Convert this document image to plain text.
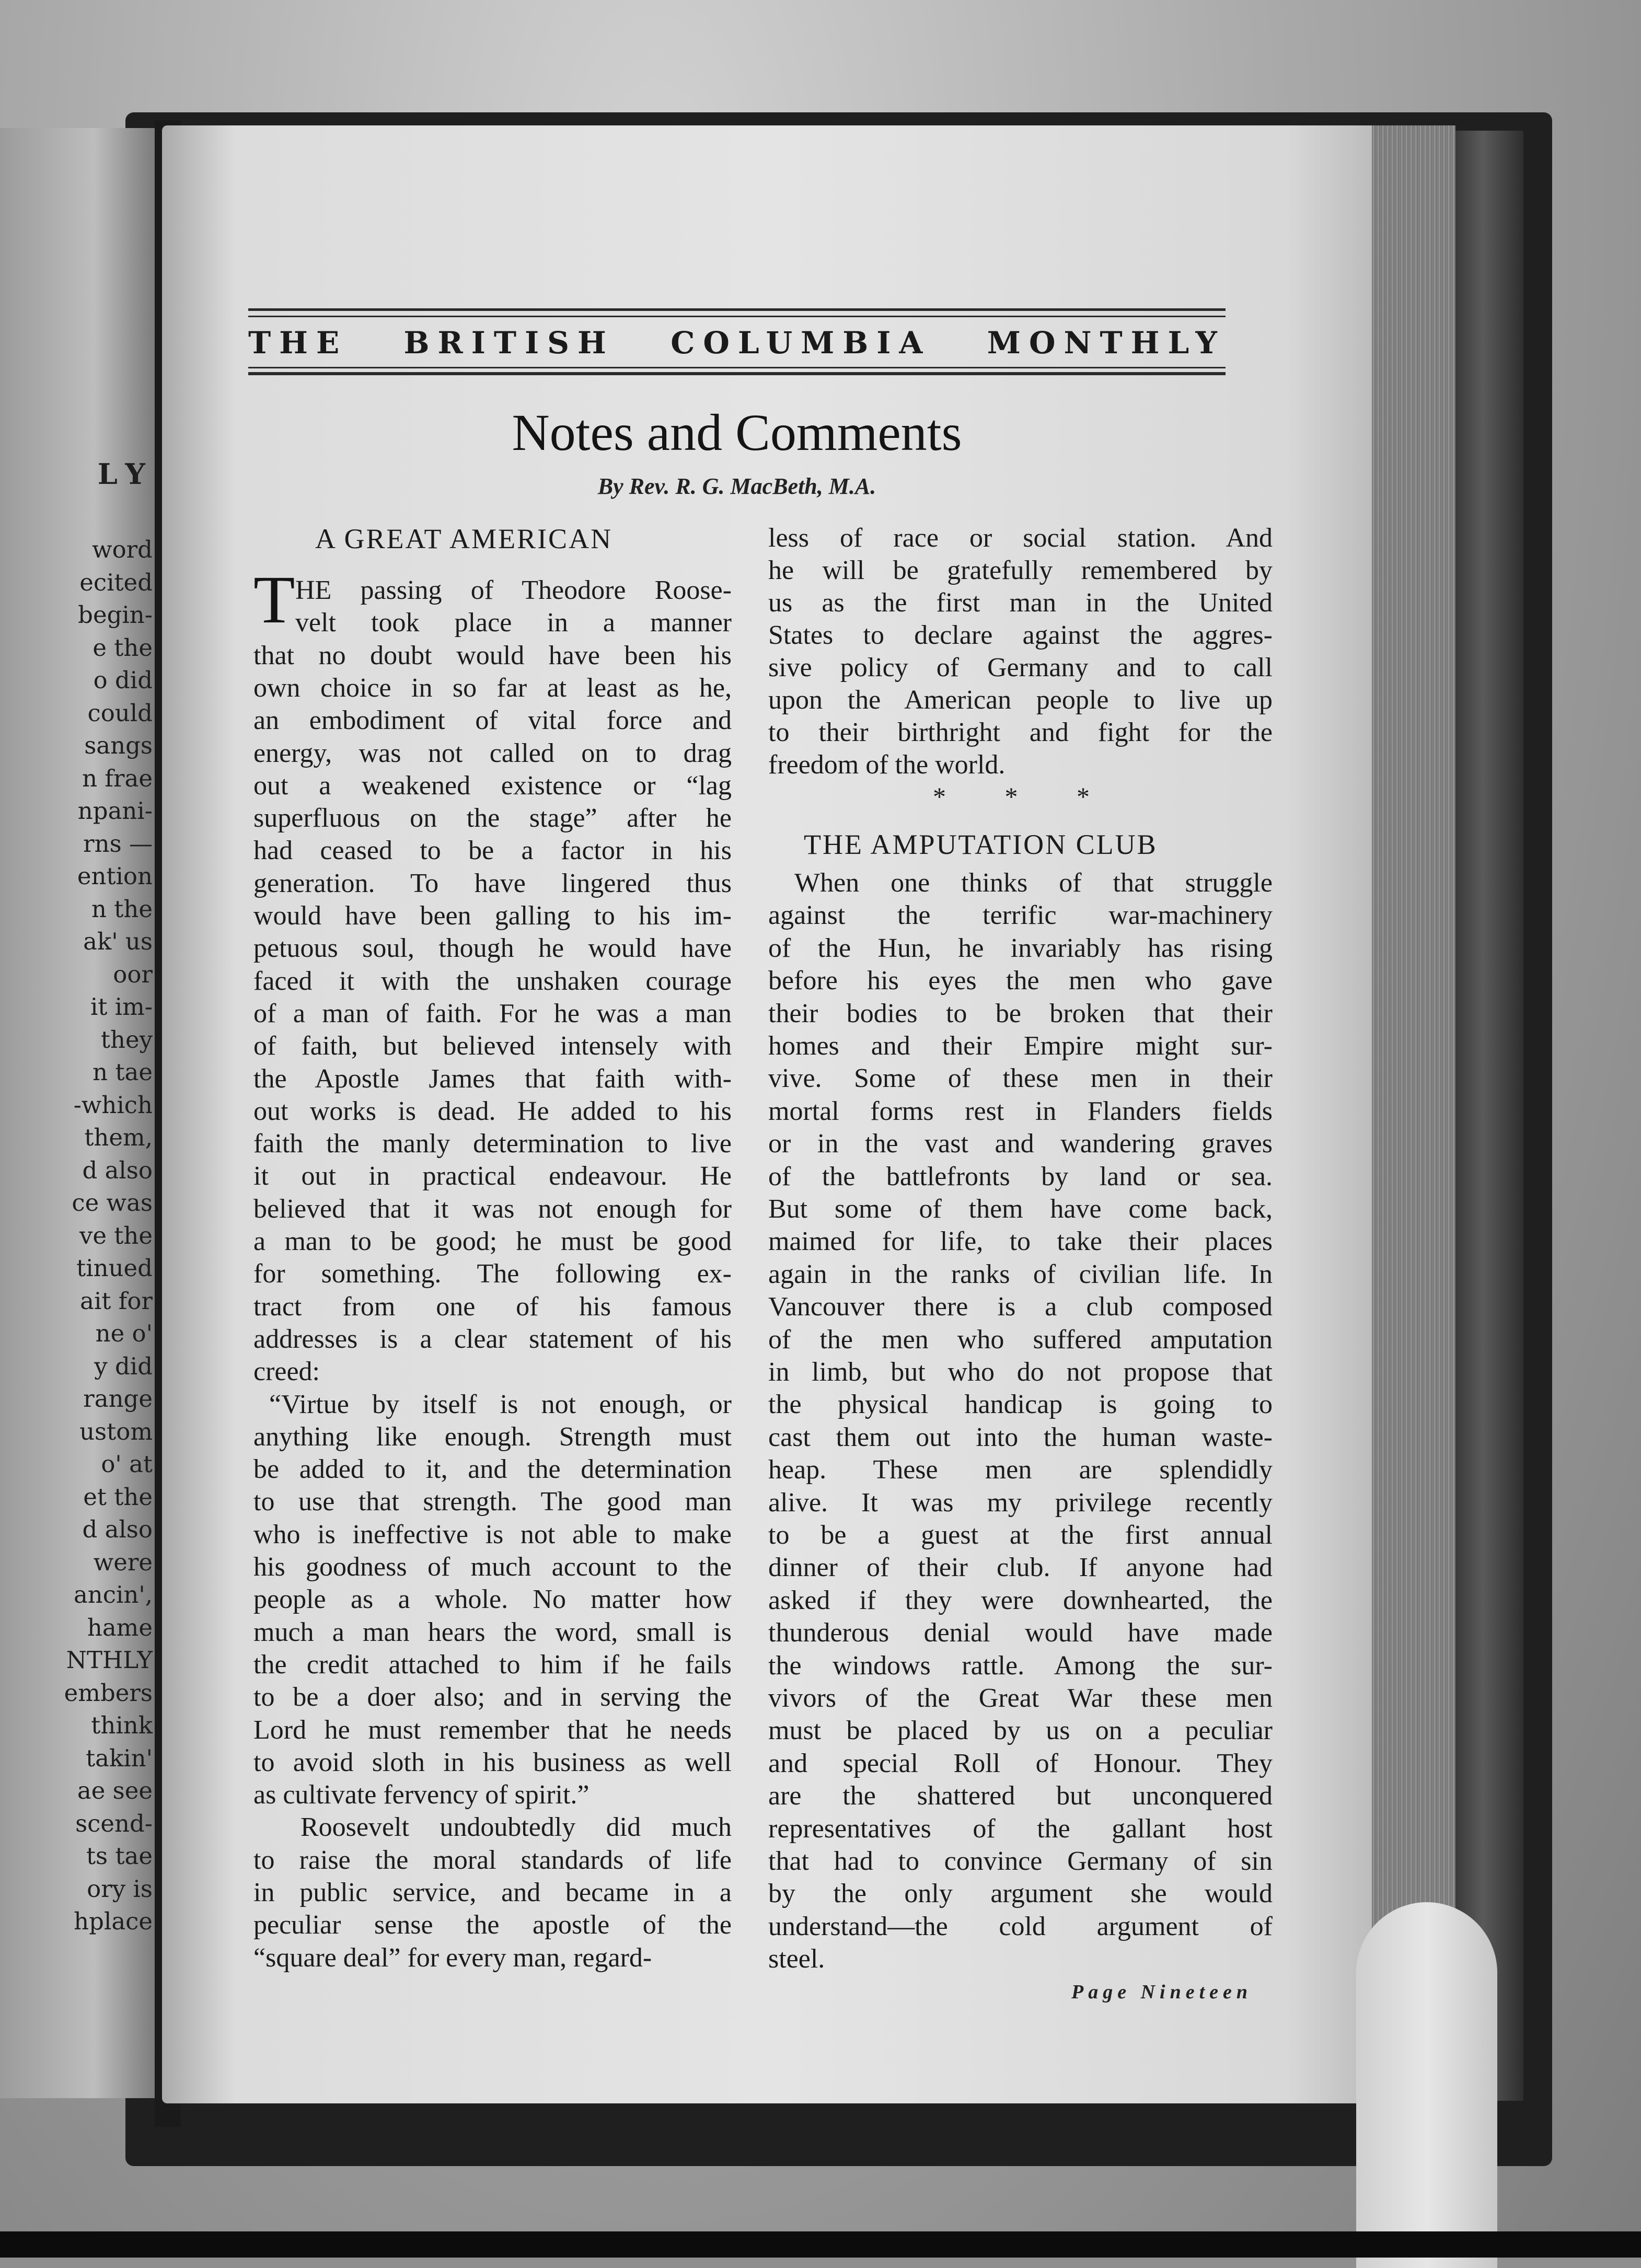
LY
word
ecited
begin-
e the
o did
could
sangs
n frae
npani-
rns —
ention
n the
ak' us
oor
it im-
they
n tae
-which
them,
d also
ce was
ve the
tinued
ait for
ne o'
y did
range
ustom
o' at
et the
d also
were
ancin',
hame
NTHLY
embers
think
takin'
ae see
scend-
ts tae
ory is
hplace
THE BRITISH COLUMBIA MONTHLY
Notes and Comments
By Rev. R. G. MacBeth, M.A.
A GREAT AMERICAN
T HE passing of Theodore Roose-
velt took place in a manner
that no doubt would have been his
own choice in so far at least as he,
an embodiment of vital force and
energy, was not called on to drag
out a weakened existence or “lag
superfluous on the stage” after he
had ceased to be a factor in his
generation. To have lingered thus
would have been galling to his im-
petuous soul, though he would have
faced it with the unshaken courage
of a man of faith. For he was a man
of faith, but believed intensely with
the Apostle James that faith with-
out works is dead. He added to his
faith the manly determination to live
it out in practical endeavour. He
believed that it was not enough for
a man to be good; he must be good
for something. The following ex-
tract from one of his famous
addresses is a clear statement of his
creed:
“Virtue by itself is not enough, or
anything like enough. Strength must
be added to it, and the determination
to use that strength. The good man
who is ineffective is not able to make
his goodness of much account to the
people as a whole. No matter how
much a man hears the word, small is
the credit attached to him if he fails
to be a doer also; and in serving the
Lord he must remember that he needs
to avoid sloth in his business as well
as cultivate fervency of spirit.”
Roosevelt undoubtedly did much
to raise the moral standards of life
in public service, and became in a
peculiar sense the apostle of the
“square deal” for every man, regard-
less of race or social station. And
he will be gratefully remembered by
us as the first man in the United
States to declare against the aggres-
sive policy of Germany and to call
upon the American people to live up
to their birthright and fight for the
freedom of the world.
* * *
THE AMPUTATION CLUB
When one thinks of that struggle
against the terrific war-machinery
of the Hun, he invariably has rising
before his eyes the men who gave
their bodies to be broken that their
homes and their Empire might sur-
vive. Some of these men in their
mortal forms rest in Flanders fields
or in the vast and wandering graves
of the battlefronts by land or sea.
But some of them have come back,
maimed for life, to take their places
again in the ranks of civilian life. In
Vancouver there is a club composed
of the men who suffered amputation
in limb, but who do not propose that
the physical handicap is going to
cast them out into the human waste-
heap. These men are splendidly
alive. It was my privilege recently
to be a guest at the first annual
dinner of their club. If anyone had
asked if they were downhearted, the
thunderous denial would have made
the windows rattle. Among the sur-
vivors of the Great War these men
must be placed by us on a peculiar
and special Roll of Honour. They
are the shattered but unconquered
representatives of the gallant host
that had to convince Germany of sin
by the only argument she would
understand—the cold argument of
steel.
Page Nineteen
